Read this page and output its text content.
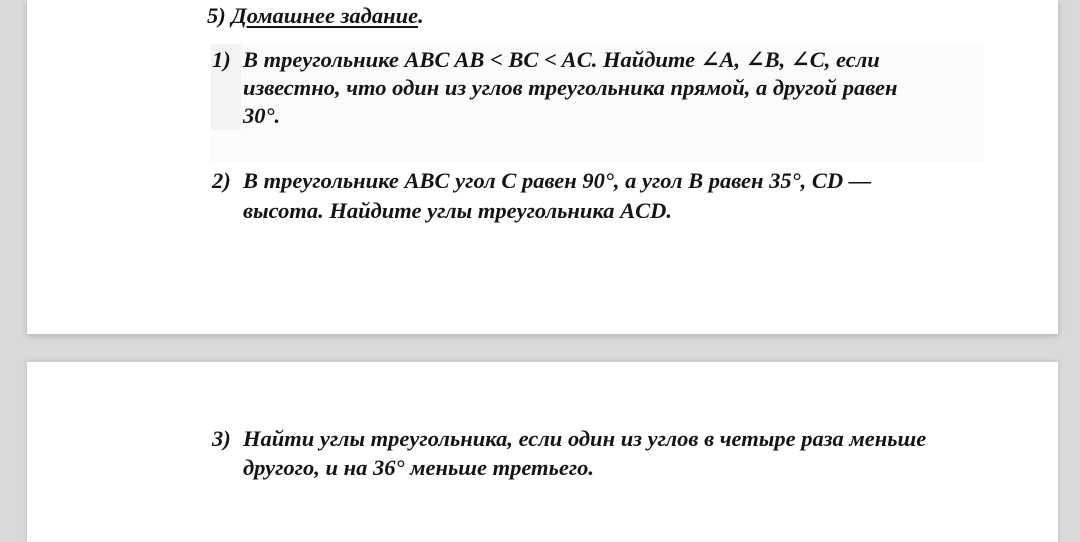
5) Домашнее задание.
1) В треугольнике ABC AB < BC < AC. Найдите ∠A, ∠B, ∠C, если
известно, что один из углов треугольника прямой, а другой равен
30°.
2) В треугольнике ABC угол C равен 90°, а угол B равен 35°, CD —
высота. Найдите углы треугольника ACD.
3) Найти углы треугольника, если один из углов в четыре раза меньше
другого, и на 36° меньше третьего.
